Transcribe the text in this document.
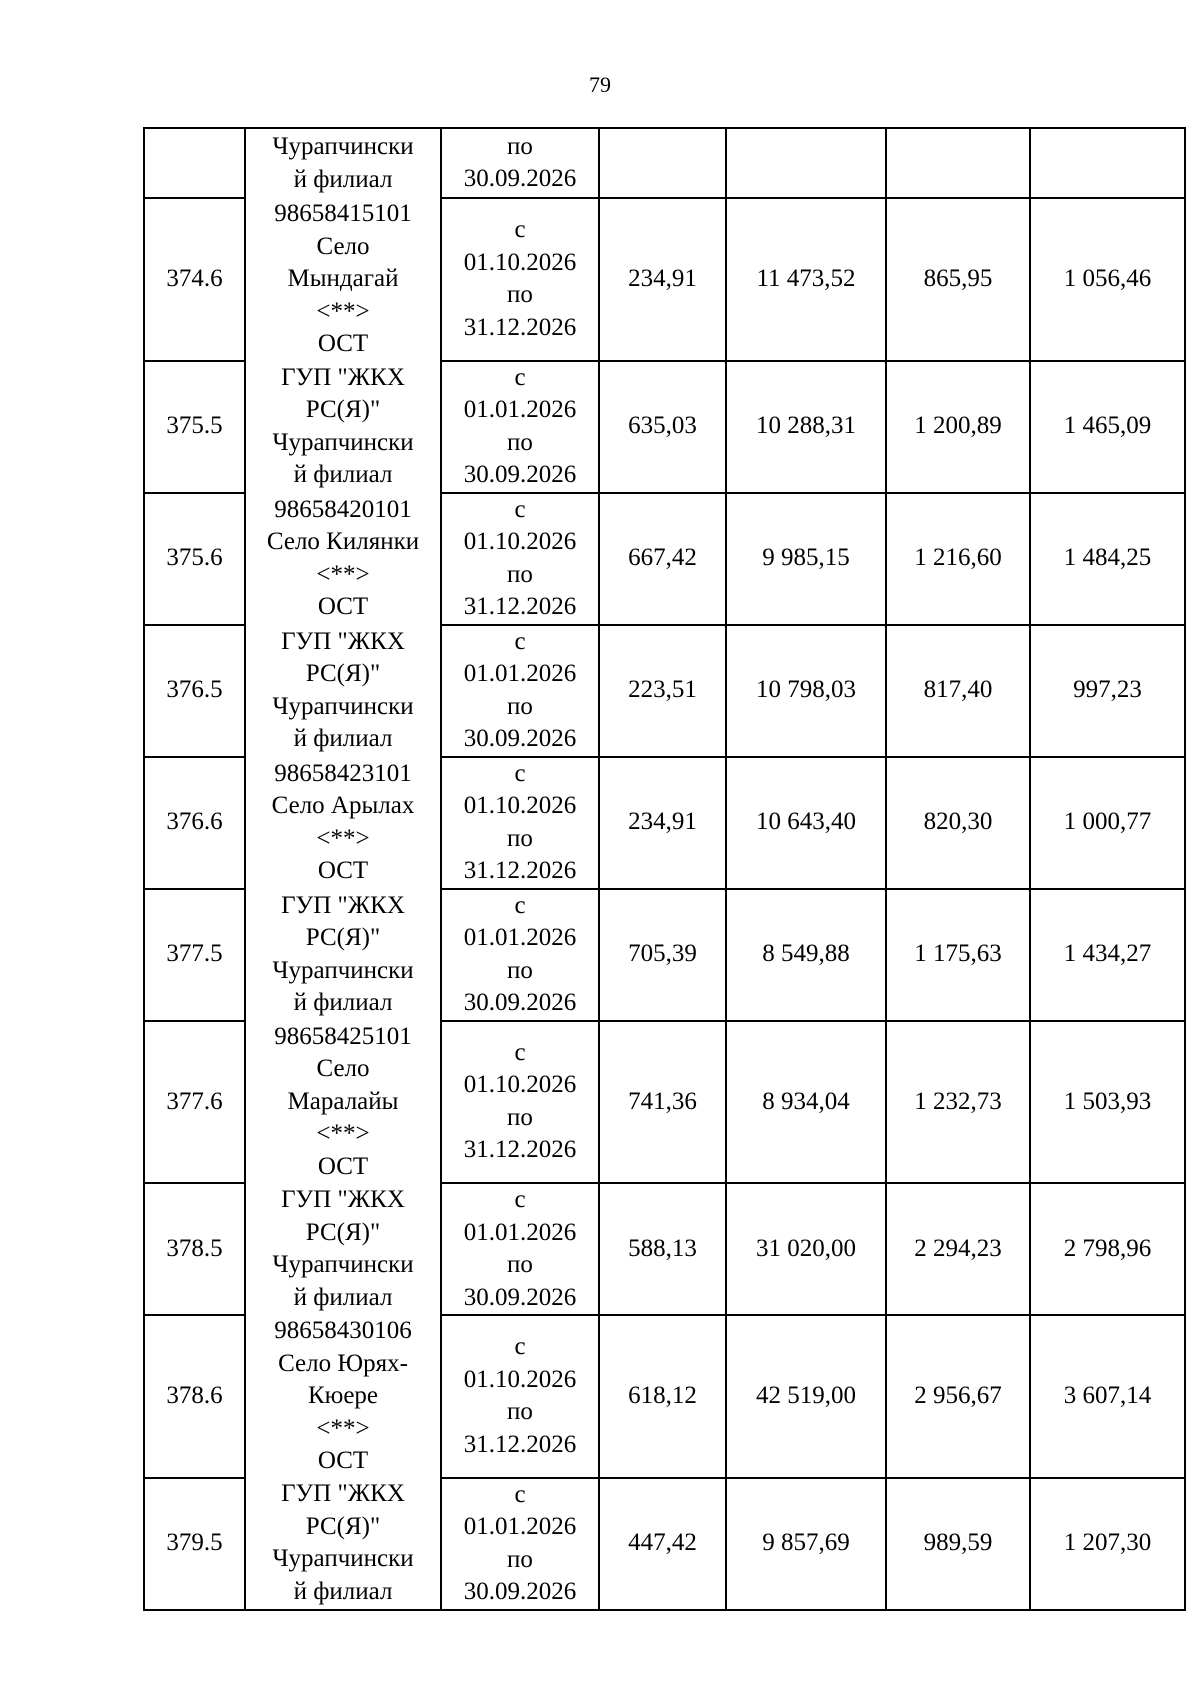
79

	Чурапчински
й филиал	по
30.09.2026				

374.6	98658415101
Село
Мындагай
<**>
ОСТ	с
01.10.2026
по
31.12.2026	234,91	11 473,52	865,95	1 056,46
375.5	ГУП "ЖКХ
РС(Я)"
Чурапчински
й филиал	с
01.01.2026
по
30.09.2026	635,03	10 288,31	1 200,89	1 465,09
375.6	98658420101
Село Килянки
<**>
ОСТ	с
01.10.2026
по
31.12.2026	667,42	9 985,15	1 216,60	1 484,25
376.5	ГУП "ЖКХ
РС(Я)"
Чурапчински
й филиал	с
01.01.2026
по
30.09.2026	223,51	10 798,03	817,40	997,23
376.6	98658423101
Село Арылах
<**>
ОСТ	с
01.10.2026
по
31.12.2026	234,91	10 643,40	820,30	1 000,77
377.5	ГУП "ЖКХ
РС(Я)"
Чурапчински
й филиал	с
01.01.2026
по
30.09.2026	705,39	8 549,88	1 175,63	1 434,27
377.6	98658425101
Село
Маралайы
<**>
ОСТ	с
01.10.2026
по
31.12.2026	741,36	8 934,04	1 232,73	1 503,93
378.5	ГУП "ЖКХ
РС(Я)"
Чурапчински
й филиал	с
01.01.2026
по
30.09.2026	588,13	31 020,00	2 294,23	2 798,96
378.6	98658430106
Село Юрях-
Кюере
<**>
ОСТ	с
01.10.2026
по
31.12.2026	618,12	42 519,00	2 956,67	3 607,14
379.5	ГУП "ЖКХ
РС(Я)"
Чурапчински
й филиал	с
01.01.2026
по
30.09.2026	447,42	9 857,69	989,59	1 207,30
